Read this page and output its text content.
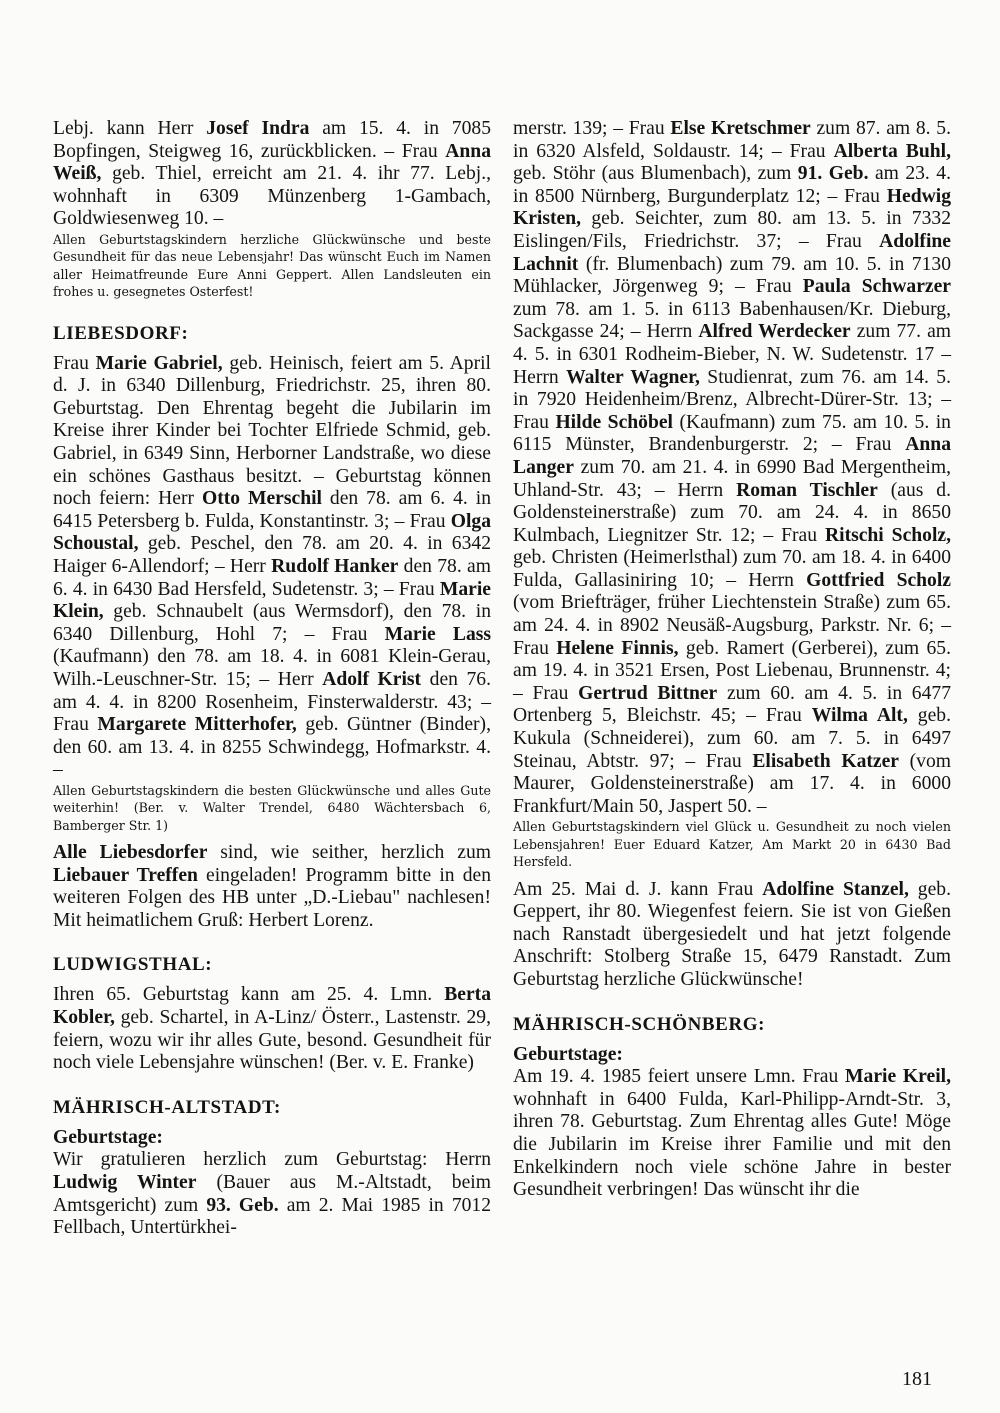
Lebj. kann Herr Josef Indra am 15. 4. in 7085 Bopfingen, Steigweg 16, zurückblicken. – Frau Anna Weiß, geb. Thiel, erreicht am 21. 4. ihr 77. Lebj., wohnhaft in 6309 Münzenberg 1-Gambach, Goldwiesenweg 10. –

Allen Geburtstagskindern herzliche Glückwünsche und beste Gesundheit für das neue Lebensjahr! Das wünscht Euch im Namen aller Heimatfreunde Eure Anni Geppert. Allen Landsleuten ein frohes u. gesegnetes Osterfest!

LIEBESDORF:

Frau Marie Gabriel, geb. Heinisch, feiert am 5. April d. J. in 6340 Dillenburg, Friedrichstr. 25, ihren 80. Geburtstag. Den Ehrentag begeht die Jubilarin im Kreise ihrer Kinder bei Tochter Elfriede Schmid, geb. Gabriel, in 6349 Sinn, Herborner Landstraße, wo diese ein schönes Gasthaus besitzt. – Geburtstag können noch feiern: Herr Otto Merschil den 78. am 6. 4. in 6415 Petersberg b. Fulda, Konstantinstr. 3; – Frau Olga Schoustal, geb. Peschel, den 78. am 20. 4. in 6342 Haiger 6-Allendorf; – Herr Rudolf Hanker den 78. am 6. 4. in 6430 Bad Hersfeld, Sudetenstr. 3; – Frau Marie Klein, geb. Schnaubelt (aus Wermsdorf), den 78. in 6340 Dillenburg, Hohl 7; – Frau Marie Lass (Kaufmann) den 78. am 18. 4. in 6081 Klein-Gerau, Wilh.-Leuschner-Str. 15; – Herr Adolf Krist den 76. am 4. 4. in 8200 Rosenheim, Finsterwalderstr. 43; – Frau Margarete Mitterhofer, geb. Güntner (Binder), den 60. am 13. 4. in 8255 Schwindegg, Hofmarkstr. 4. –

Allen Geburtstagskindern die besten Glückwünsche und alles Gute weiterhin! (Ber. v. Walter Trendel, 6480 Wächtersbach 6, Bamberger Str. 1)

Alle Liebesdorfer sind, wie seither, herzlich zum Liebauer Treffen eingeladen! Programm bitte in den weiteren Folgen des HB unter „D.-Liebau" nachlesen! Mit heimatlichem Gruß: Herbert Lorenz.

LUDWIGSTHAL:

Ihren 65. Geburtstag kann am 25. 4. Lmn. Berta Kobler, geb. Schartel, in A-Linz/ Österr., Lastenstr. 29, feiern, wozu wir ihr alles Gute, besond. Gesundheit für noch viele Lebensjahre wünschen! (Ber. v. E. Franke)

MÄHRISCH-ALTSTADT:
Geburtstage:

Wir gratulieren herzlich zum Geburtstag: Herrn Ludwig Winter (Bauer aus M.-Altstadt, beim Amtsgericht) zum 93. Geb. am 2. Mai 1985 in 7012 Fellbach, Untertürkhei-

merstr. 139; – Frau Else Kretschmer zum 87. am 8. 5. in 6320 Alsfeld, Soldaustr. 14; – Frau Alberta Buhl, geb. Stöhr (aus Blumenbach), zum 91. Geb. am 23. 4. in 8500 Nürnberg, Burgunderplatz 12; – Frau Hedwig Kristen, geb. Seichter, zum 80. am 13. 5. in 7332 Eislingen/Fils, Friedrichstr. 37; – Frau Adolfine Lachnit (fr. Blumenbach) zum 79. am 10. 5. in 7130 Mühlacker, Jörgenweg 9; – Frau Paula Schwarzer zum 78. am 1. 5. in 6113 Babenhausen/Kr. Dieburg, Sackgasse 24; – Herrn Alfred Werdecker zum 77. am 4. 5. in 6301 Rodheim-Bieber, N. W. Sudetenstr. 17 – Herrn Walter Wagner, Studienrat, zum 76. am 14. 5. in 7920 Heidenheim/Brenz, Albrecht-Dürer-Str. 13; – Frau Hilde Schöbel (Kaufmann) zum 75. am 10. 5. in 6115 Münster, Brandenburgerstr. 2; – Frau Anna Langer zum 70. am 21. 4. in 6990 Bad Mergentheim, Uhland-Str. 43; – Herrn Roman Tischler (aus d. Goldensteinerstraße) zum 70. am 24. 4. in 8650 Kulmbach, Liegnitzer Str. 12; – Frau Ritschi Scholz, geb. Christen (Heimerlsthal) zum 70. am 18. 4. in 6400 Fulda, Gallasiniring 10; – Herrn Gottfried Scholz (vom Briefträger, früher Liechtenstein Straße) zum 65. am 24. 4. in 8902 Neusäß-Augsburg, Parkstr. Nr. 6; – Frau Helene Finnis, geb. Ramert (Gerberei), zum 65. am 19. 4. in 3521 Ersen, Post Liebenau, Brunnenstr. 4; – Frau Gertrud Bittner zum 60. am 4. 5. in 6477 Ortenberg 5, Bleichstr. 45; – Frau Wilma Alt, geb. Kukula (Schneiderei), zum 60. am 7. 5. in 6497 Steinau, Abtstr. 97; – Frau Elisabeth Katzer (vom Maurer, Goldensteinerstraße) am 17. 4. in 6000 Frankfurt/Main 50, Jaspert 50. –

Allen Geburtstagskindern viel Glück u. Gesundheit zu noch vielen Lebensjahren! Euer Eduard Katzer, Am Markt 20 in 6430 Bad Hersfeld.

Am 25. Mai d. J. kann Frau Adolfine Stanzel, geb. Geppert, ihr 80. Wiegenfest feiern. Sie ist von Gießen nach Ranstadt übergesiedelt und hat jetzt folgende Anschrift: Stolberg Straße 15, 6479 Ranstadt. Zum Geburtstag herzliche Glückwünsche!

MÄHRISCH-SCHÖNBERG:
Geburtstage:

Am 19. 4. 1985 feiert unsere Lmn. Frau Marie Kreil, wohnhaft in 6400 Fulda, Karl-Philipp-Arndt-Str. 3, ihren 78. Geburtstag. Zum Ehrentag alles Gute! Möge die Jubilarin im Kreise ihrer Familie und mit den Enkelkindern noch viele schöne Jahre in bester Gesundheit verbringen! Das wünscht ihr die

181
